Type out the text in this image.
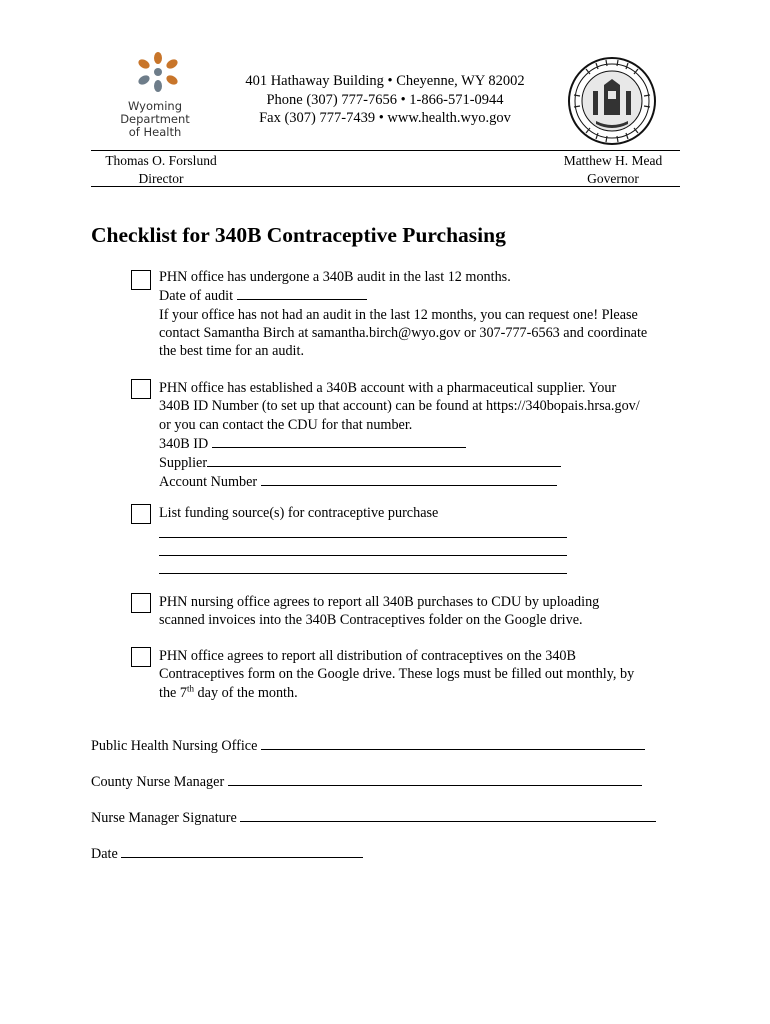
Wyoming
Department
of Health
401 Hathaway Building • Cheyenne, WY 82002
Phone (307) 777-7656 • 1-866-571-0944
Fax (307) 777-7439 • www.health.wyo.gov
Thomas O. Forslund
Director
Matthew H. Mead
Governor
Checklist for 340B Contraceptive Purchasing
PHN office has undergone a 340B audit in the last 12 months.
Date of audit
If your office has not had an audit in the last 12 months, you can request one! Please
contact Samantha Birch at samantha.birch@wyo.gov or 307-777-6563 and coordinate
the best time for an audit.
PHN office has established a 340B account with a pharmaceutical supplier. Your
340B ID Number (to set up that account) can be found at https://340bopais.hrsa.gov/
or you can contact the CDU for that number.
340B ID
Supplier
Account Number
List funding source(s) for contraceptive purchase
PHN nursing office agrees to report all 340B purchases to CDU by uploading
scanned invoices into the 340B Contraceptives folder on the Google drive.
PHN office agrees to report all distribution of contraceptives on the 340B
Contraceptives form on the Google drive. These logs must be filled out monthly, by
the 7th day of the month.
Public Health Nursing Office
County Nurse Manager
Nurse Manager Signature
Date
